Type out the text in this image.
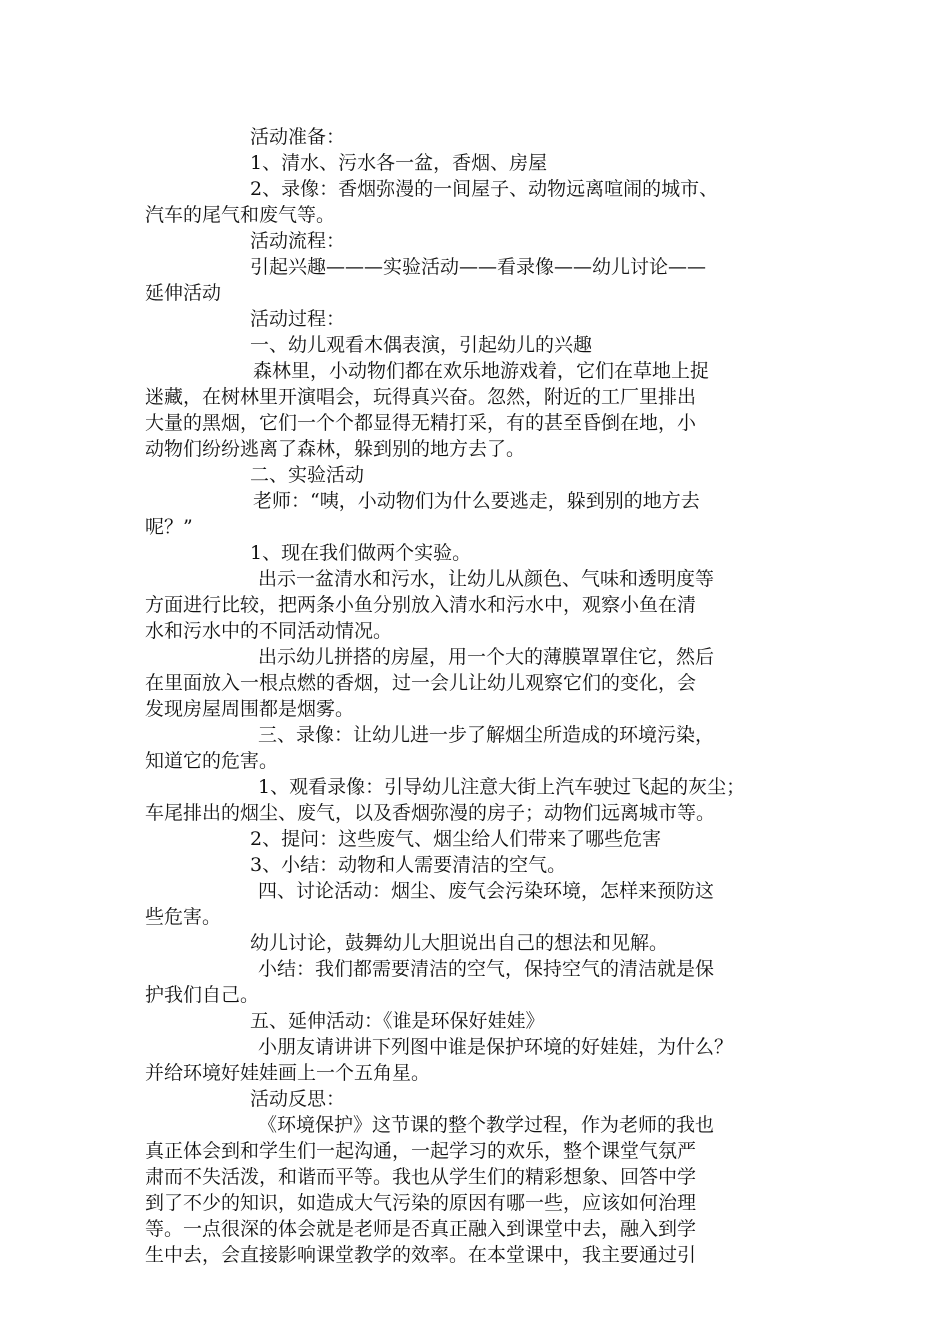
活动准备：
1、清水、污水各一盆，香烟、房屋
2、录像：香烟弥漫的一间屋子、动物远离喧闹的城市、
汽车的尾气和废气等。
活动流程：
引起兴趣———实验活动——看录像——幼儿讨论——
延伸活动
活动过程：
一、幼儿观看木偶表演，引起幼儿的兴趣
森林里，小动物们都在欢乐地游戏着，它们在草地上捉
迷藏，在树林里开演唱会，玩得真兴奋。忽然，附近的工厂里排出
大量的黑烟，它们一个个都显得无精打采，有的甚至昏倒在地，小
动物们纷纷逃离了森林，躲到别的地方去了。
二、实验活动
老师：“咦，小动物们为什么要逃走，躲到别的地方去
呢？”
1、现在我们做两个实验。
出示一盆清水和污水，让幼儿从颜色、气味和透明度等
方面进行比较，把两条小鱼分别放入清水和污水中，观察小鱼在清
水和污水中的不同活动情况。
出示幼儿拼搭的房屋，用一个大的薄膜罩罩住它，然后
在里面放入一根点燃的香烟，过一会儿让幼儿观察它们的变化，会
发现房屋周围都是烟雾。
三、录像：让幼儿进一步了解烟尘所造成的环境污染，
知道它的危害。
1、观看录像：引导幼儿注意大街上汽车驶过飞起的灰尘；
车尾排出的烟尘、废气，以及香烟弥漫的房子；动物们远离城市等。
2、提问：这些废气、烟尘给人们带来了哪些危害
3、小结：动物和人需要清洁的空气。
四、讨论活动：烟尘、废气会污染环境，怎样来预防这
些危害。
幼儿讨论，鼓舞幼儿大胆说出自己的想法和见解。
小结：我们都需要清洁的空气，保持空气的清洁就是保
护我们自己。
五、延伸活动：《谁是环保好娃娃》
小朋友请讲讲下列图中谁是保护环境的好娃娃，为什么？
并给环境好娃娃画上一个五角星。
活动反思：
《环境保护》这节课的整个教学过程，作为老师的我也
真正体会到和学生们一起沟通，一起学习的欢乐，整个课堂气氛严
肃而不失活泼，和谐而平等。我也从学生们的精彩想象、回答中学
到了不少的知识，如造成大气污染的原因有哪一些，应该如何治理
等。一点很深的体会就是老师是否真正融入到课堂中去，融入到学
生中去，会直接影响课堂教学的效率。在本堂课中，我主要通过引
